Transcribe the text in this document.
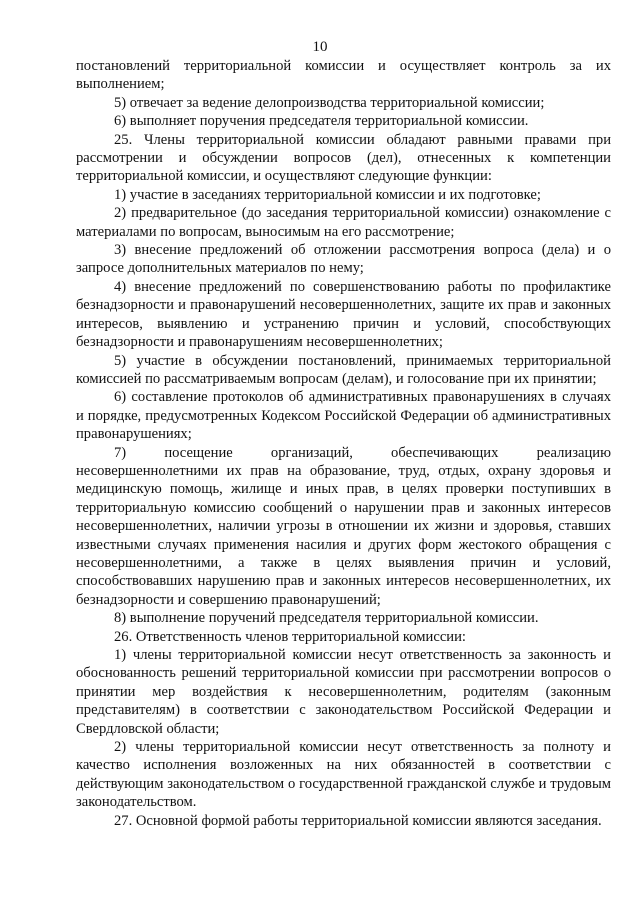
10

постановлений территориальной комиссии и осуществляет контроль за их выполнением;

5) отвечает за ведение делопроизводства территориальной комиссии;

6) выполняет поручения председателя территориальной комиссии.

25. Члены территориальной комиссии обладают равными правами при рассмотрении и обсуждении вопросов (дел), отнесенных к компетенции территориальной комиссии, и осуществляют следующие функции:

1) участие в заседаниях территориальной комиссии и их подготовке;

2) предварительное (до заседания территориальной комиссии) ознакомление с материалами по вопросам, выносимым на его рассмотрение;

3) внесение предложений об отложении рассмотрения вопроса (дела) и о запросе дополнительных материалов по нему;

4) внесение предложений по совершенствованию работы по профилактике безнадзорности и правонарушений несовершеннолетних, защите их прав и законных интересов, выявлению и устранению причин и условий, способствующих безнадзорности и правонарушениям несовершеннолетних;

5) участие в обсуждении постановлений, принимаемых территориальной комиссией по рассматриваемым вопросам (делам), и голосование при их принятии;

6) составление протоколов об административных правонарушениях в случаях и порядке, предусмотренных Кодексом Российской Федерации об административных правонарушениях;

7) посещение организаций, обеспечивающих реализацию несовершеннолетними их прав на образование, труд, отдых, охрану здоровья и медицинскую помощь, жилище и иных прав, в целях проверки поступивших в территориальную комиссию сообщений о нарушении прав и законных интересов несовершеннолетних, наличии угрозы в отношении их жизни и здоровья, ставших известными случаях применения насилия и других форм жестокого обращения с несовершеннолетними, а также в целях выявления причин и условий, способствовавших нарушению прав и законных интересов несовершеннолетних, их безнадзорности и совершению правонарушений;

8) выполнение поручений председателя территориальной комиссии.

26. Ответственность членов территориальной комиссии:

1) члены территориальной комиссии несут ответственность за законность и обоснованность решений территориальной комиссии при рассмотрении вопросов о принятии мер воздействия к несовершеннолетним, родителям (законным представителям) в соответствии с законодательством Российской Федерации и Свердловской области;

2) члены территориальной комиссии несут ответственность за полноту и качество исполнения возложенных на них обязанностей в соответствии с действующим законодательством о государственной гражданской службе и трудовым законодательством.

27. Основной формой работы территориальной комиссии являются заседания.
